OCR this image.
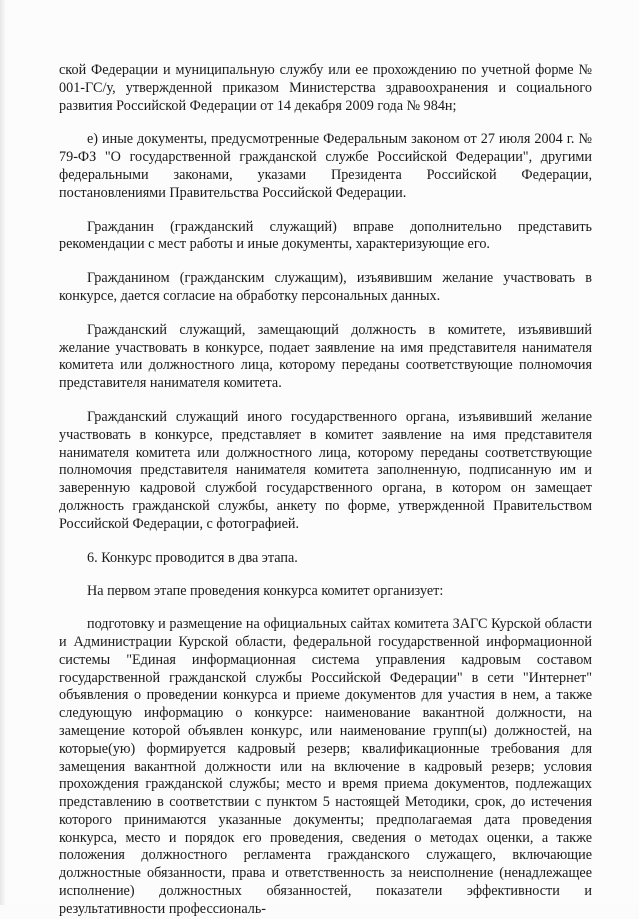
ской Федерации и муниципальную службу или ее прохождению по учетной форме № 001-ГС/у, утвержденной приказом Министерства здравоохранения и социального развития Российской Федерации от 14 декабря 2009 года № 984н;

е) иные документы, предусмотренные Федеральным законом от 27 июля 2004 г. № 79-ФЗ "О государственной гражданской службе Российской Федерации", другими федеральными законами, указами Президента Российской Федерации, постановлениями Правительства Российской Федерации.

Гражданин (гражданский служащий) вправе дополнительно представить рекомендации с мест работы и иные документы, характеризующие его.

Гражданином (гражданским служащим), изъявившим желание участвовать в конкурсе, дается согласие на обработку персональных данных.

Гражданский служащий, замещающий должность в комитете, изъявивший желание участвовать в конкурсе, подает заявление на имя представителя нанимателя комитета или должностного лица, которому переданы соответствующие полномочия представителя нанимателя комитета.

Гражданский служащий иного государственного органа, изъявивший желание участвовать в конкурсе, представляет в комитет заявление на имя представителя нанимателя комитета или должностного лица, которому переданы соответствующие полномочия представителя нанимателя комитета заполненную, подписанную им и заверенную кадровой службой государственного органа, в котором он замещает должность гражданской службы, анкету по форме, утвержденной Правительством Российской Федерации, с фотографией.

6. Конкурс проводится в два этапа.

На первом этапе проведения конкурса комитет организует:

подготовку и размещение на официальных сайтах комитета ЗАГС Курской области и Администрации Курской области, федеральной государственной информационной системы "Единая информационная система управления кадровым составом государственной гражданской службы Российской Федерации" в сети "Интернет" объявления о проведении конкурса и приеме документов для участия в нем, а также следующую информацию о конкурсе: наименование вакантной должности, на замещение которой объявлен конкурс, или наименование групп(ы) должностей, на которые(ую) формируется кадровый резерв; квалификационные требования для замещения вакантной должности или на включение в кадровый резерв; условия прохождения гражданской службы; место и время приема документов, подлежащих представлению в соответствии с пунктом 5 настоящей Методики, срок, до истечения которого принимаются указанные документы; предполагаемая дата проведения конкурса, место и порядок его проведения, сведения о методах оценки, а также положения должностного регламента гражданского служащего, включающие должностные обязанности, права и ответственность за неисполнение (ненадлежащее исполнение) должностных обязанностей, показатели эффективности и результативности профессиональ-
